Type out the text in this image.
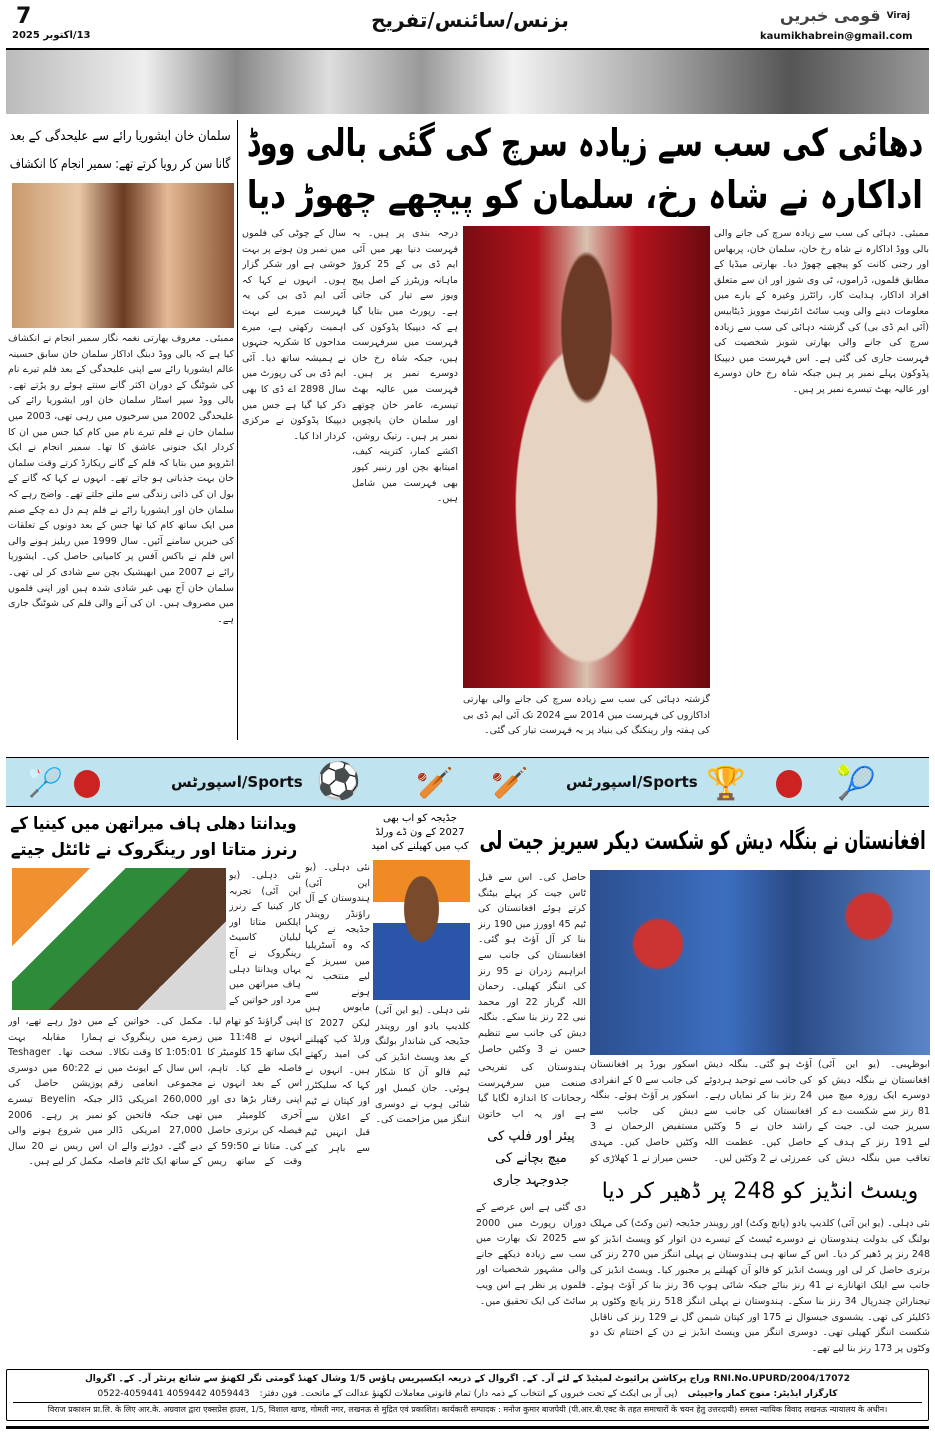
7
13/اکتوبر 2025
بزنس/سائنس/تفریح	Viraj
قومی خبریں
kaumikhabrein@gmail.com
دھائی کی سب سے زیادہ سرچ کی گئی بالی ووڈ
اداکارہ نے شاہ رخ، سلمان کو پیچھے چھوڑ دیا
سلمان خان ایشوریا رائے سے علیحدگی کے بعد
گانا سن کر رویا کرتے تھے: سمیر انجام کا انکشاف
ممبئی۔ معروف بھارتی نغمہ نگار سمیر انجام نے انکشاف کیا ہے کہ بالی ووڈ دبنگ اداکار سلمان خان سابق حسینہ عالم ایشوریا رائے سے اپنی علیحدگی کے بعد فلم تیرے نام کی شوٹنگ کے دوران اکثر گانے سنتے ہوئے رو پڑتے تھے۔ بالی ووڈ سپر اسٹار سلمان خان اور ایشوریا رائے کی علیحدگی 2002 میں سرخیوں میں رہی تھی، 2003 میں سلمان خان نے فلم تیرے نام میں کام کیا جس میں ان کا کردار ایک جنونی عاشق کا تھا۔ سمیر انجام نے ایک انٹرویو میں بتایا کہ فلم کے گانے ریکارڈ کرتے وقت سلمان خان بہت جذباتی ہو جاتے تھے۔ انہوں نے کہا کہ گانے کے بول ان کی ذاتی زندگی سے ملتے جلتے تھے۔ واضح رہے کہ سلمان خان اور ایشوریا رائے نے فلم ہم دل دے چکے صنم میں ایک ساتھ کام کیا تھا جس کے بعد دونوں کے تعلقات کی خبریں سامنے آئیں۔ سال 1999 میں ریلیز ہونے والی اس فلم نے باکس آفس پر کامیابی حاصل کی۔ ایشوریا رائے نے 2007 میں ابھیشیک بچن سے شادی کر لی تھی۔ سلمان خان آج بھی غیر شادی شدہ ہیں اور اپنی فلموں میں مصروف ہیں۔ ان کی آنے والی فلم کی شوٹنگ جاری ہے۔
سال کے چوٹی کی فلموں میں نمبر ون ہونے پر بہت خوشی ہے اور شکر گزار ہوں۔ انہوں نے کہا کہ آئی ایم ڈی بی کی یہ فہرست میرے لیے بہت اہمیت رکھتی ہے، میرے مداحوں کا شکریہ جنہوں نے ہمیشہ ساتھ دیا۔ آئی ایم ڈی بی کی رپورٹ میں سال 2898 اے ڈی کا بھی ذکر کیا گیا ہے جس میں دیپیکا پڈوکون نے مرکزی کردار ادا کیا۔
درجہ بندی پر ہیں۔ یہ فہرست دنیا بھر میں آئی ایم ڈی بی کے 25 کروڑ ماہانہ وزیٹرز کے اصل پیج ویوز سے تیار کی جاتی ہے۔ رپورٹ میں بتایا گیا ہے کہ دیپیکا پڈوکون کی فہرست میں سرفہرست ہیں، جبکہ شاہ رخ خان دوسرے نمبر پر ہیں۔ فہرست میں عالیہ بھٹ تیسرے، عامر خان چوتھے اور سلمان خان پانچویں نمبر پر ہیں۔ رتیک روشن، اکشے کمار، کترینہ کیف، امیتابھ بچن اور رنبیر کپور بھی فہرست میں شامل ہیں۔
گزشتہ دہائی کی سب سے زیادہ سرچ کی جانے والی بھارتی اداکاروں کی فہرست میں 2014 سے 2024 تک آئی ایم ڈی بی کی ہفتہ وار رینکنگ کی بنیاد پر یہ فہرست تیار کی گئی۔
ممبئی۔ دہائی کی سب سے زیادہ سرچ کی جانے والی بالی ووڈ اداکارہ نے شاہ رخ خان، سلمان خان، پربھاس اور رجنی کانت کو پیچھے چھوڑ دیا۔ بھارتی میڈیا کے مطابق فلموں، ڈراموں، ٹی وی شوز اور ان سے متعلق افراد اداکار، ہدایت کار، رائٹرز وغیرہ کے بارے میں معلومات دینے والی ویب سائٹ انٹرنیٹ موویز ڈیٹابیس (آئی ایم ڈی بی) کی گزشتہ دہائی کی سب سے زیادہ سرچ کی جانے والی بھارتی شوبز شخصیت کی فہرست جاری کی گئی ہے۔ اس فہرست میں دیپیکا پڈوکون پہلے نمبر پر ہیں جبکہ شاہ رخ خان دوسرے اور عالیہ بھٹ تیسرے نمبر پر ہیں۔
🏸	اسپورٹس/Sports ⚽ 🏏 🏏	اسپورٹس/Sports 🏆	🎾
ویدانتا دھلی ہاف میراتھن میں کینیا کے
رنرز متاتا اور رینگروک نے ٹائٹل جیتے
نئی دہلی۔ (یو این آئی) تجربہ کار کینیا کے رنرز ایلکس متاتا اور لیلیان کاسیٹ رینگروک نے آج یہاں ویدانتا دہلی ہاف میراتھن میں مرد اور خواتین کے
اپنی گراؤنڈ کو تھام لیا۔ انہوں نے 11:48 میں ایک ساتھ 15 کلومیٹر کا فاصلہ طے کیا۔ تاہم، اس کے بعد انہوں نے اپنی رفتار بڑھا دی اور آخری کلومیٹر میں فیصلہ کن برتری حاصل کی۔ متاتا نے 59:50 کے وقت کے ساتھ ریس مکمل کی۔ خواتین کے زمرے میں رینگروک نے 1:05:01 کا وقت نکالا۔ اس سال کے ایونٹ میں مجموعی انعامی رقم 260,000 امریکی ڈالر تھی جبکہ فاتحین کو 27,000 امریکی ڈالر دیے گئے۔ دوڑنے والے ان کے ساتھ ایک ٹائم فاصلہ میں دوڑ رہے تھے، اور ہمارا مقابلہ بہت سخت تھا۔ Teshager نے 60:22 میں دوسری پوزیشن حاصل کی جبکہ Beyelin تیسرے نمبر پر رہے۔ 2006 میں شروع ہونے والی اس ریس نے 20 سال مکمل کر لیے ہیں۔
جڈیجہ کو اب بھی 2027 کے ون ڈے ورلڈ کپ میں کھیلنے کی امید
نئی دہلی۔ (یو این آئی) ہندوستان کے آل راؤنڈر رویندر جڈیجہ نے کہا کہ وہ آسٹریلیا میں سیریز کے لیے منتخب نہ ہونے سے مایوس ہیں لیکن 2027 کا ورلڈ کپ کھیلنے کی امید رکھتے ہیں۔ انہوں نے کہا کہ سلیکٹرز اور کپتان نے ٹیم کے اعلان سے قبل انہیں ٹیم سے باہر کیے
نئی دہلی۔ (یو این آئی) کلدیپ یادو اور رویندر جڈیجہ کی شاندار بولنگ کے بعد ویسٹ انڈیز کی ٹیم فالو آن کا شکار ہوئی۔ جان کیمبل اور شائی ہوپ نے دوسری اننگز میں مزاحمت کی۔
افغانستان نے بنگلہ دیش کو شکست دیکر سیریز جیت لی
حاصل کی۔ اس سے قبل ٹاس جیت کر پہلے بیٹنگ کرتے ہوئے افغانستان کی ٹیم 45 اوورز میں 190 رنز بنا کر آل آؤٹ ہو گئی۔ افغانستان کی جانب سے ابراہیم زدران نے 95 رنز کی اننگز کھیلی۔ رحمان اللہ گرباز 22 اور محمد نبی 22 رنز بنا سکے۔ بنگلہ دیش کی جانب سے تنظیم حسن نے 3 وکٹیں حاصل
اسکور بورڈ پر افغانستان کی جانب سے 0 کے انفرادی اسکور پر آؤٹ ہوئے۔ بنگلہ دیش کی جانب سے مستفیض الرحمان نے 3 وکٹیں حاصل کیں۔ مہدی حسن میراز نے 1 کھلاڑی کو
آؤٹ ہو گئی۔ بنگلہ دیش کی جانب سے توحید ہردوئے 24 رنز بنا کر نمایاں رہے۔ افغانستان کی جانب سے راشد خان نے 5 وکٹیں حاصل کیں۔ عظمت اللہ عمرزئی نے 2 وکٹیں لیں۔
ابوظہبی۔ (یو این آئی) افغانستان نے بنگلہ دیش کو دوسرے ایک روزہ میچ میں 81 رنز سے شکست دے کر سیریز جیت لی۔ جیت کے لیے 191 رنز کے ہدف کے تعاقب میں بنگلہ دیش کی
ہندوستان کی تفریحی صنعت میں سرفہرست رجحانات کا اندازہ لگایا گیا ہے اور یہ اب خاتون
پیئر اور فلپ کی میچ بچانے کی جدوجہد جاری
دی گئی ہے اس عرصے کے دوران رپورٹ میں 2000 سے 2025 تک بھارت میں سب سے زیادہ دیکھے جانے والی مشہور شخصیات اور فلموں پر نظر ہے اس ویب سائٹ کی ایک تحقیق میں۔
ویسٹ انڈیز کو 248 پر ڈھیر کر دیا
نئی دہلی۔ (یو این آئی) کلدیپ یادو (پانچ وکٹ) اور رویندر جڈیجہ (تین وکٹ) کی مہلک بولنگ کی بدولت ہندوستان نے دوسرے ٹیسٹ کے تیسرے دن اتوار کو ویسٹ انڈیز کو 248 رنز پر ڈھیر کر دیا۔ اس کے ساتھ ہی ہندوستان نے پہلی اننگز میں 270 رنز کی برتری حاصل کر لی اور ویسٹ انڈیز کو فالو آن کھیلنے پر مجبور کیا۔ ویسٹ انڈیز کی جانب سے ایلک اتھانازے نے 41 رنز بنائے جبکہ شائی ہوپ 36 رنز بنا کر آؤٹ ہوئے۔ تیجنارائن چندرپال 34 رنز بنا سکے۔ ہندوستان نے پہلی اننگز 518 رنز پانچ وکٹوں پر ڈکلیئر کی تھی۔ یشسوی جیسوال نے 175 اور کپتان شبمن گل نے 129 رنز کی ناقابل شکست اننگز کھیلی تھی۔ دوسری اننگز میں ویسٹ انڈیز نے دن کے اختتام تک دو وکٹوں پر 173 رنز بنا لیے تھے۔
RNI.No.UPURD/2004/17072 وراج پرکاشن پرائیوٹ لمیٹیڈ کے لئے آر۔ کے۔ اگروال کے ذریعہ ایکسپریس ہاؤس 1/5 وشال کھنڈ گومتی نگر لکھنؤ سے شائع پرنٹر آر۔ کے۔ اگروال
کارگزار ایڈیٹر: منوج کمار واجپیئی
(پی آر بی ایکٹ کے تحت خبروں کے انتخاب کے ذمہ دار) تمام قانونی معاملات لکھنؤ عدالت کے ماتحت۔ فون دفتر:
0522-4059441 4059442 4059443
विराज प्रकाशन प्रा.लि. के लिए आर.के. अग्रवाल द्वारा एक्सप्रेस हाउस, 1/5, विशाल खण्ड, गोमती नगर, लखनऊ से मुद्रित एवं प्रकाशित। कार्यकारी सम्पादक : मनोज कुमार बाजपेयी (पी.आर.बी.एक्ट के तहत समाचारों के चयन हेतु उत्तरदायी) समस्त न्यायिक विवाद लखनऊ न्यायालय के अधीन।
